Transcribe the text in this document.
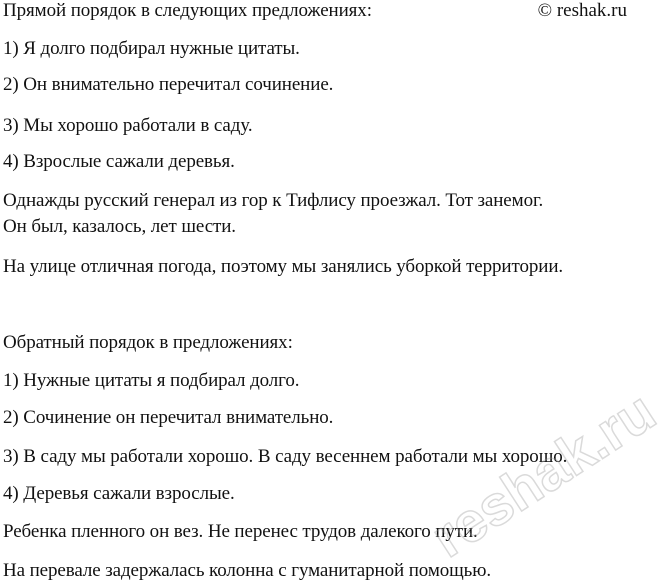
© reshak.ru
Прямой порядок в следующих предложениях:
1) Я долго подбирал нужные цитаты.
2) Он внимательно перечитал сочинение.
3) Мы хорошо работали в саду.
4) Взрослые сажали деревья.
Однажды русский генерал из гор к Тифлису проезжал. Тот занемог.
Он был, казалось, лет шести.
На улице отличная погода, поэтому мы занялись уборкой территории.
Обратный порядок в предложениях:
1) Нужные цитаты я подбирал долго.
2) Сочинение он перечитал внимательно.
3) В саду мы работали хорошо. В саду весеннем работали мы хорошо.
4) Деревья сажали взрослые.
Ребенка пленного он вез. Не перенес трудов далекого пути.
На перевале задержалась колонна с гуманитарной помощью.
reshak.ru
